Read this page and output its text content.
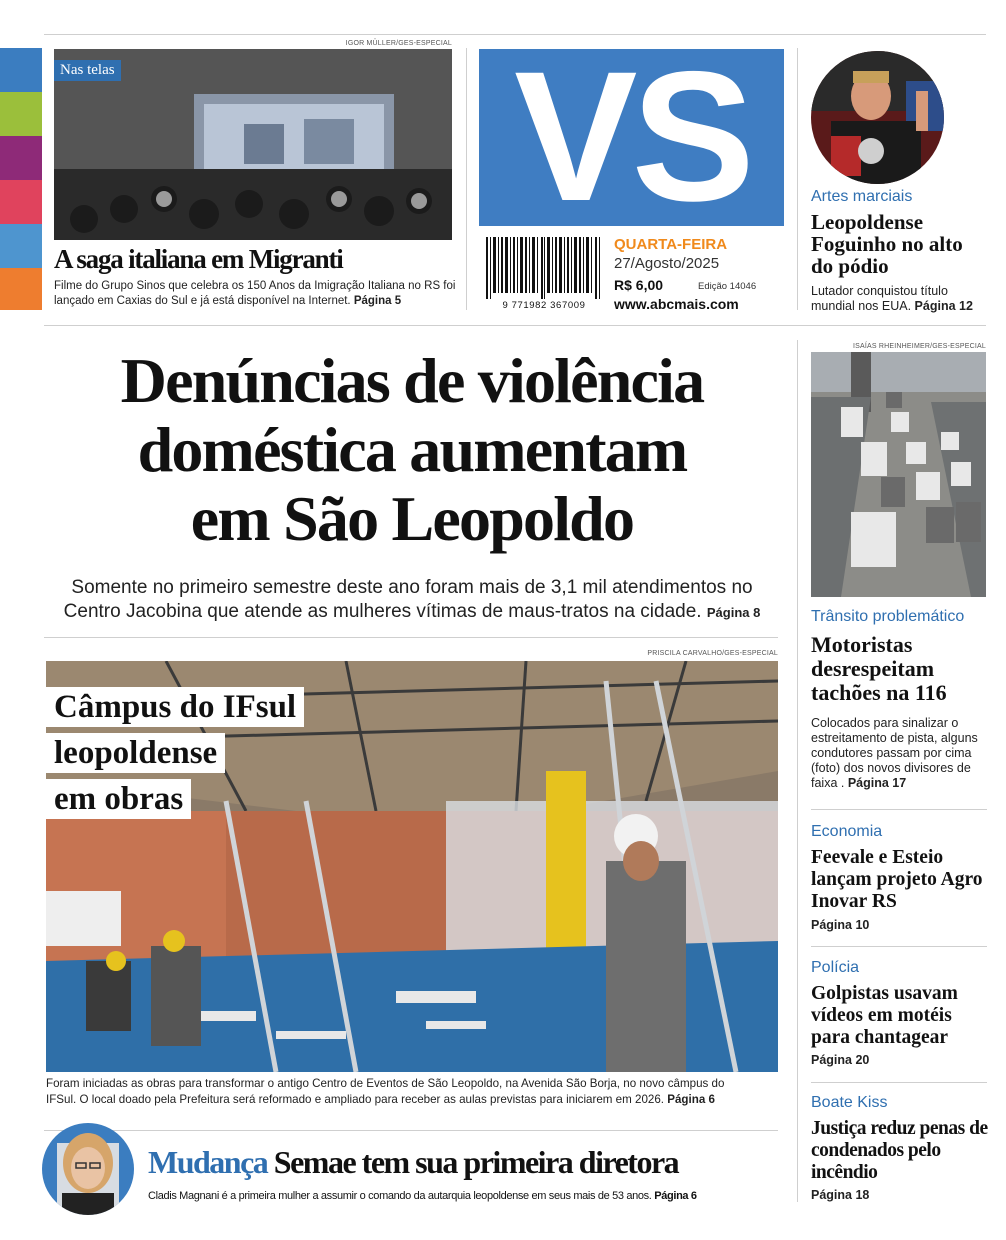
IGOR MÜLLER/GES-ESPECIAL
Nas telas
A saga italiana em Migranti
Filme do Grupo Sinos que celebra os 150 Anos da Imigração Italiana no RS foi lançado em Caxias do Sul e já está disponível na Internet. Página 5
VS
9 771982 367009
QUARTA-FEIRA
27/Agosto/2025
R$ 6,00	Edição 14046
www.abcmais.com
Artes marciais
Leopoldense Foguinho no alto do pódio
Lutador conquistou título mundial nos EUA. Página 12
Denúncias de violência
doméstica aumentam
em São Leopoldo
Somente no primeiro semestre deste ano foram mais de 3,1 mil atendimentos no
Centro Jacobina que atende as mulheres vítimas de maus-tratos na cidade. Página 8
PRISCILA CARVALHO/GES-ESPECIAL
Câmpus do IFsul
leopoldense
em obras
Foram iniciadas as obras para transformar o antigo Centro de Eventos de São Leopoldo, na Avenida São Borja, no novo câmpus do
IFSul. O local doado pela Prefeitura será reformado e ampliado para receber as aulas previstas para iniciarem em 2026. Página 6
Mudança Semae tem sua primeira diretora
Cladis Magnani é a primeira mulher a assumir o comando da autarquia leopoldense em seus mais de 53 anos. Página 6
ISAÍAS RHEINHEIMER/GES-ESPECIAL
Trânsito problemático
Motoristas desrespeitam tachões na 116
Colocados para sinalizar o estreitamento de pista, alguns condutores passam por cima (foto) dos novos divisores de faixa . Página 17
Economia
Feevale e Esteio lançam projeto Agro Inovar RS
Página 10
Polícia
Golpistas usavam vídeos em motéis para chantagear
Página 20
Boate Kiss
Justiça reduz penas de condenados pelo incêndio
Página 18
